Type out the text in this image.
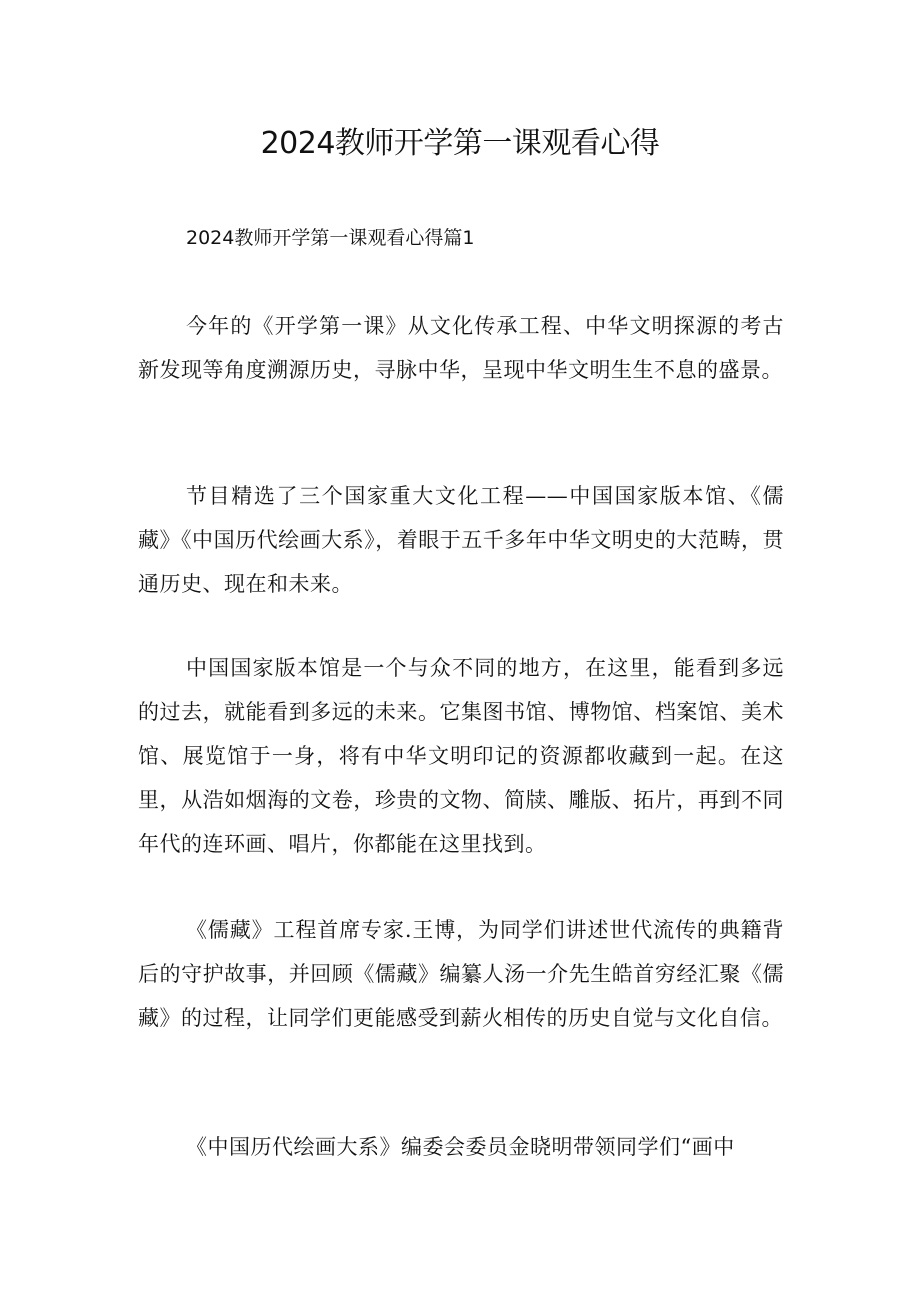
2024教师开学第一课观看心得
2024教师开学第一课观看心得篇1

今年的《开学第一课》从文化传承工程、中华文明探源的考古新发现等角度溯源历史，寻脉中华，呈现中华文明生生不息的盛景。

节目精选了三个国家重大文化工程——中国国家版本馆、《儒藏》《中国历代绘画大系》，着眼于五千多年中华文明史的大范畴，贯通历史、现在和未来。

中国国家版本馆是一个与众不同的地方，在这里，能看到多远的过去，就能看到多远的未来。它集图书馆、博物馆、档案馆、美术馆、展览馆于一身，将有中华文明印记的资源都收藏到一起。在这里，从浩如烟海的文卷，珍贵的文物、简牍、雕版、拓片，再到不同年代的连环画、唱片，你都能在这里找到。

《儒藏》工程首席专家.王博，为同学们讲述世代流传的典籍背后的守护故事，并回顾《儒藏》编纂人汤一介先生皓首穷经汇聚《儒藏》的过程，让同学们更能感受到薪火相传的历史自觉与文化自信。

《中国历代绘画大系》编委会委员金晓明带领同学们“画中
